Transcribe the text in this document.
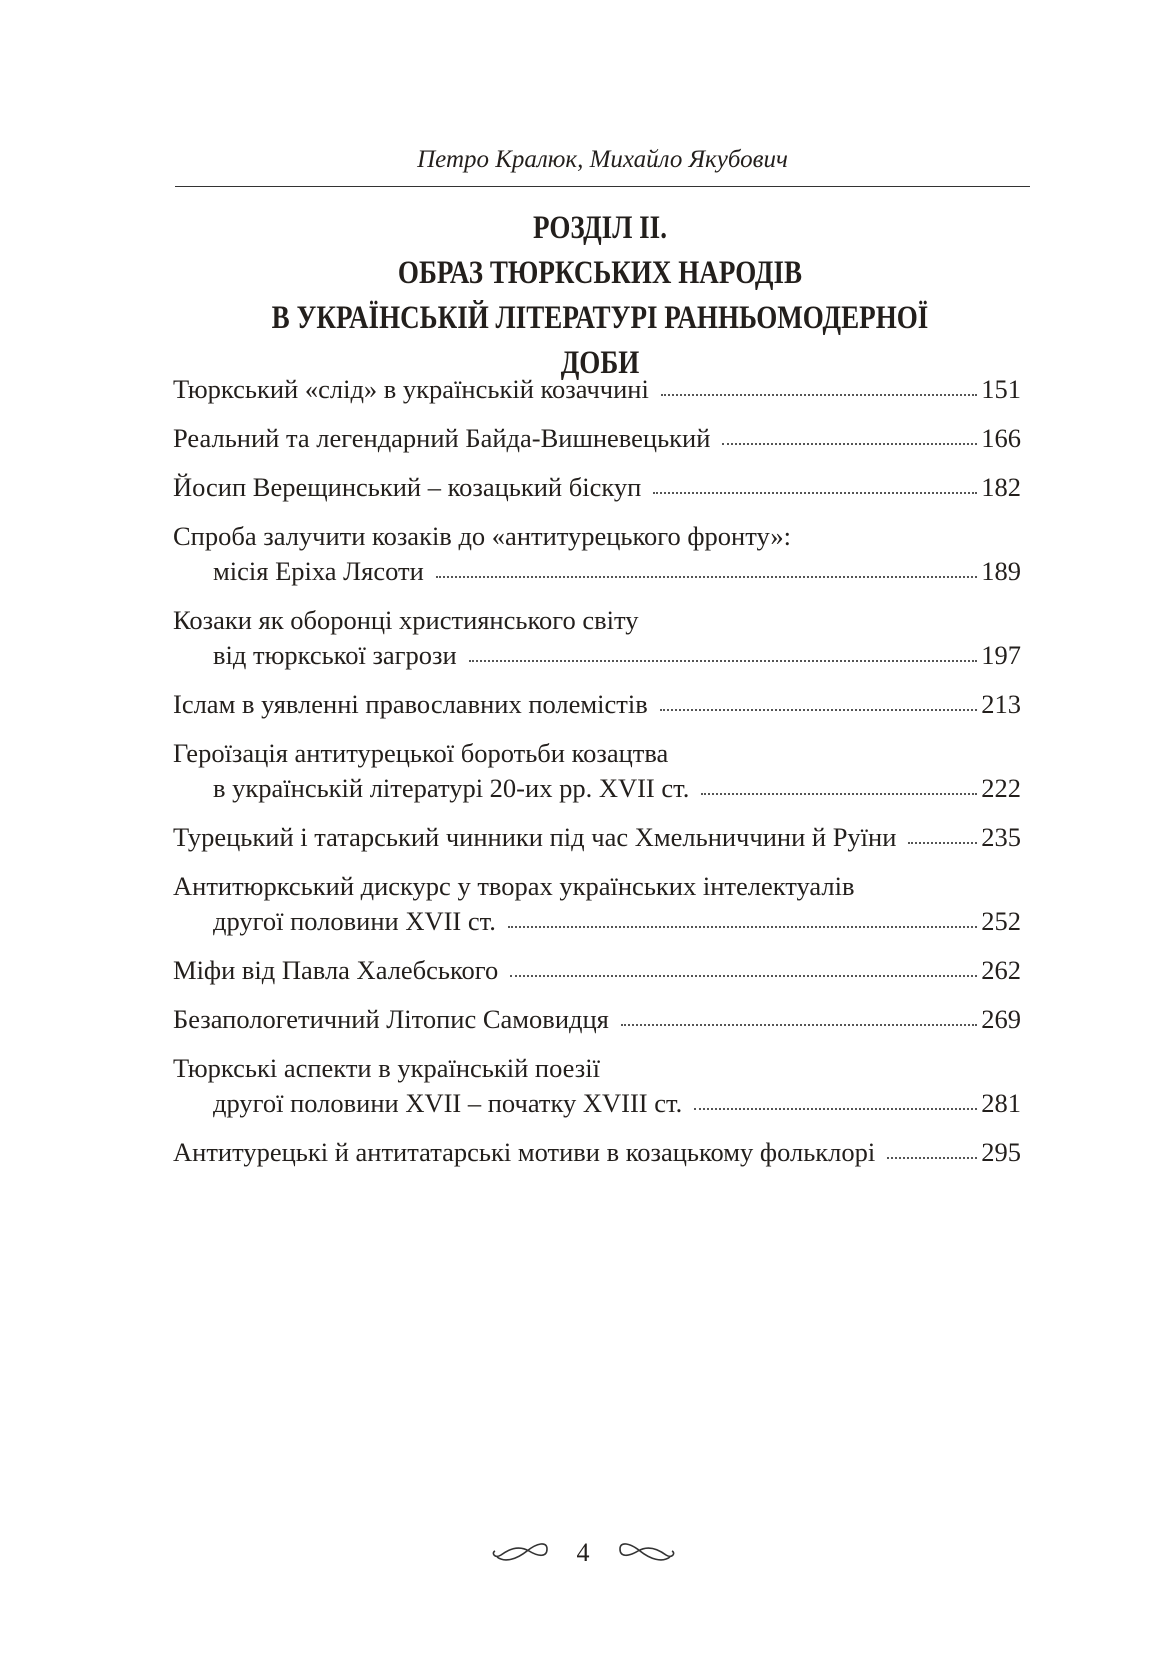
Петро Кралюк, Михайло Якубович
РОЗДІЛ II.
ОБРАЗ ТЮРКСЬКИХ НАРОДІВ
В УКРАЇНСЬКІЙ ЛІТЕРАТУРІ РАННЬОМОДЕРНОЇ ДОБИ
Тюркський «слід» в українській козаччині	151
Реальний та легендарний Байда-Вишневецький	166
Йосип Верещинський – козацький біскуп	182
Спроба залучити козаків до «антитурецького фронту»:
місія Еріха Лясоти	189
Козаки як оборонці християнського світу
від тюркської загрози	197
Іслам в уявленні православних полемістів	213
Героїзація антитурецької боротьби козацтва
в українській літературі 20-их рр. XVII ст.	222
Турецький і татарський чинники під час Хмельниччини й Руїни	235
Антитюркський дискурс у творах українських інтелектуалів
другої половини XVII ст.	252
Міфи від Павла Халебського	262
Безапологетичний Літопис Самовидця	269
Тюркські аспекти в українській поезії
другої половини XVII – початку XVIII ст.	281
Антитурецькі й антитатарські мотиви в козацькому фольклорі	295
4
